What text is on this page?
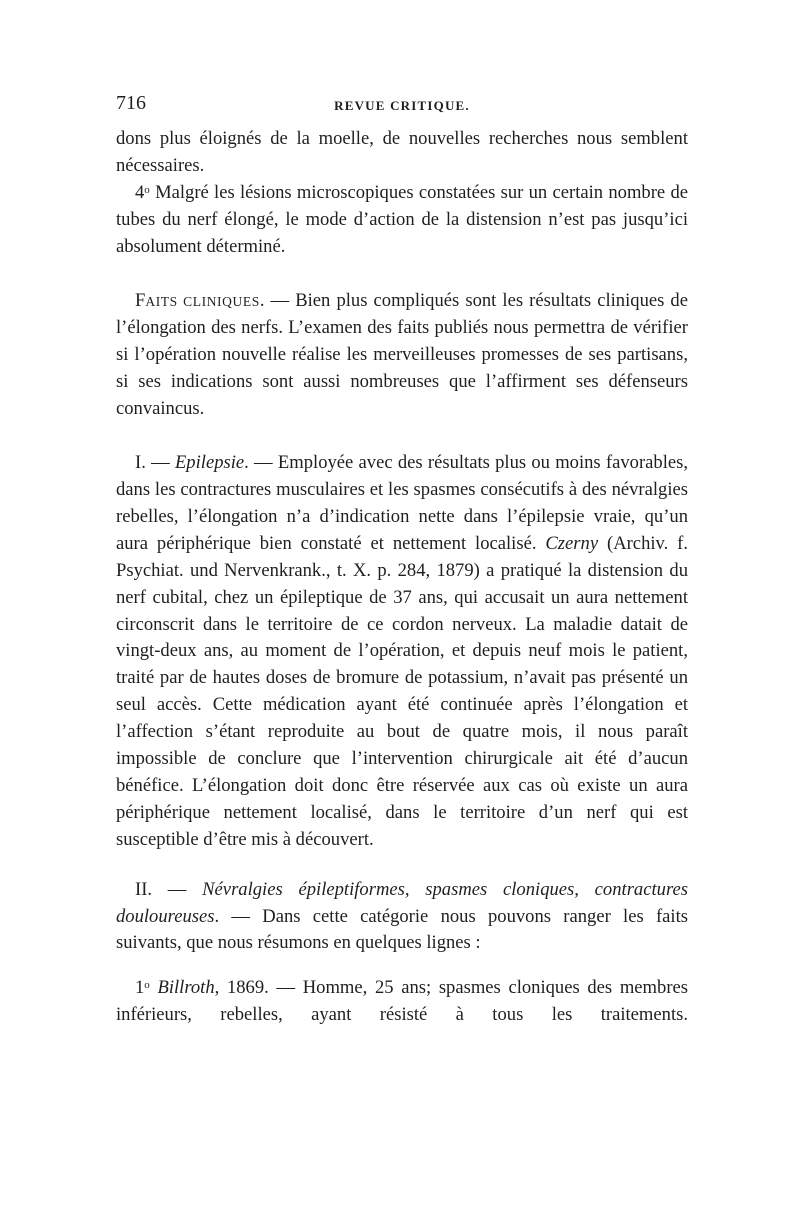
716	REVUE CRITIQUE.

dons plus éloignés de la moelle, de nouvelles recherches nous semblent nécessaires.

4$^o$ Malgré les lésions microscopiques constatées sur un certain nombre de tubes du nerf élongé, le mode d’action de la distension n’est pas jusqu’ici absolument déterminé.

FAITS CLINIQUES. — Bien plus compliqués sont les résultats cliniques de l’élongation des nerfs. L’examen des faits publiés nous permettra de vérifier si l’opération nouvelle réalise les merveilleuses promesses de ses partisans, si ses indications sont aussi nombreuses que l’affirment ses défenseurs convaincus.

I. — Epilepsie. — Employée avec des résultats plus ou moins favorables, dans les contractures musculaires et les spasmes consécutifs à des névralgies rebelles, l’élongation n’a d’indication nette dans l’épilepsie vraie, qu’un aura périphérique bien constaté et nettement localisé. Czerny (Archiv. f. Psychiat. und Nervenkrank., t. X. p. 284, 1879) a pratiqué la distension du nerf cubital, chez un épileptique de 37 ans, qui accusait un aura nettement circonscrit dans le territoire de ce cordon nerveux. La maladie datait de vingt-deux ans, au moment de l’opération, et depuis neuf mois le patient, traité par de hautes doses de bromure de potassium, n’avait pas présenté un seul accès. Cette médication ayant été continuée après l’élongation et l’affection s’étant reproduite au bout de quatre mois, il nous paraît impossible de conclure que l’intervention chirurgicale ait été d’aucun bénéfice. L’élongation doit donc être réservée aux cas où existe un aura périphérique nettement localisé, dans le territoire d’un nerf qui est susceptible d’être mis à découvert.

II. — Névralgies épileptiformes, spasmes cloniques, contractures douloureuses. — Dans cette catégorie nous pouvons ranger les faits suivants, que nous résumons en quelques lignes :

1$^o$ Billroth, 1869. — Homme, 25 ans; spasmes cloniques des membres inférieurs, rebelles, ayant résisté à tous les traitements.
